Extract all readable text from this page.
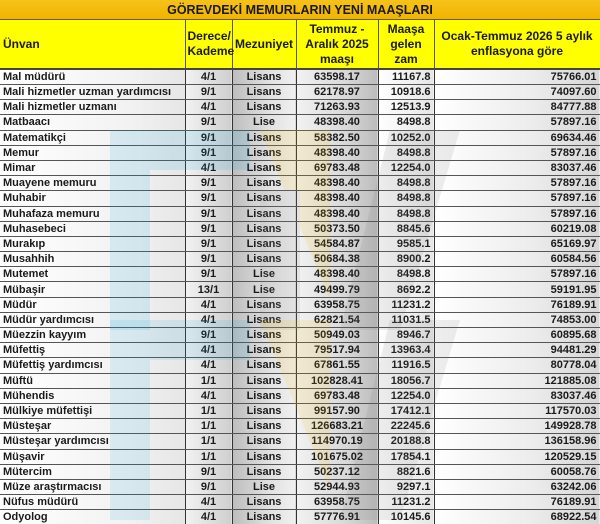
GÖREVDEKİ MEMURLARIN YENİ MAAŞLARI
Ünvan	Derece/ Kademe	Mezuniyet	Temmuz - Aralık 2025 maaşı	Maaşa gelen zam	Ocak-Temmuz 2026 5 aylık enflasyona göre
Mal müdürü	4/1	Lisans	63598.17	11167.8	75766.01
Mali hizmetler uzman yardımcısı	9/1	Lisans	62178.97	10918.6	74097.60
Mali hizmetler uzmanı	4/1	Lisans	71263.93	12513.9	84777.88
Matbaacı	9/1	Lise	48398.40	8498.8	57897.16
Matematikçi	9/1	Lisans	58382.50	10252.0	69634.46
Memur	9/1	Lisans	48398.40	8498.8	57897.16
Mimar	4/1	Lisans	69783.48	12254.0	83037.46
Muayene memuru	9/1	Lisans	48398.40	8498.8	57897.16
Muhabir	9/1	Lisans	48398.40	8498.8	57897.16
Muhafaza memuru	9/1	Lisans	48398.40	8498.8	57897.16
Muhasebeci	9/1	Lisans	50373.50	8845.6	60219.08
Murakıp	9/1	Lisans	54584.87	9585.1	65169.97
Musahhih	9/1	Lisans	50684.38	8900.2	60584.56
Mutemet	9/1	Lise	48398.40	8498.8	57897.16
Mübaşir	13/1	Lise	49499.79	8692.2	59191.95
Müdür	4/1	Lisans	63958.75	11231.2	76189.91
Müdür yardımcısı	4/1	Lisans	62821.54	11031.5	74853.00
Müezzin kayyım	9/1	Lisans	50949.03	8946.7	60895.68
Müfettiş	4/1	Lisans	79517.94	13963.4	94481.29
Müfettiş yardımcısı	4/1	Lisans	67861.55	11916.5	80778.04
Müftü	1/1	Lisans	102828.41	18056.7	121885.08
Mühendis	4/1	Lisans	69783.48	12254.0	83037.46
Mülkiye müfettişi	1/1	Lisans	99157.90	17412.1	117570.03
Müsteşar	1/1	Lisans	126683.21	22245.6	149928.78
Müsteşar yardımcısı	1/1	Lisans	114970.19	20188.8	136158.96
Müşavir	1/1	Lisans	101675.02	17854.1	120529.15
Mütercim	9/1	Lisans	50237.12	8821.6	60058.76
Müze araştırmacısı	9/1	Lise	52944.93	9297.1	63242.06
Nüfus müdürü	4/1	Lisans	63958.75	11231.2	76189.91
Odyolog	4/1	Lisans	57776.91	10145.6	68922.54
